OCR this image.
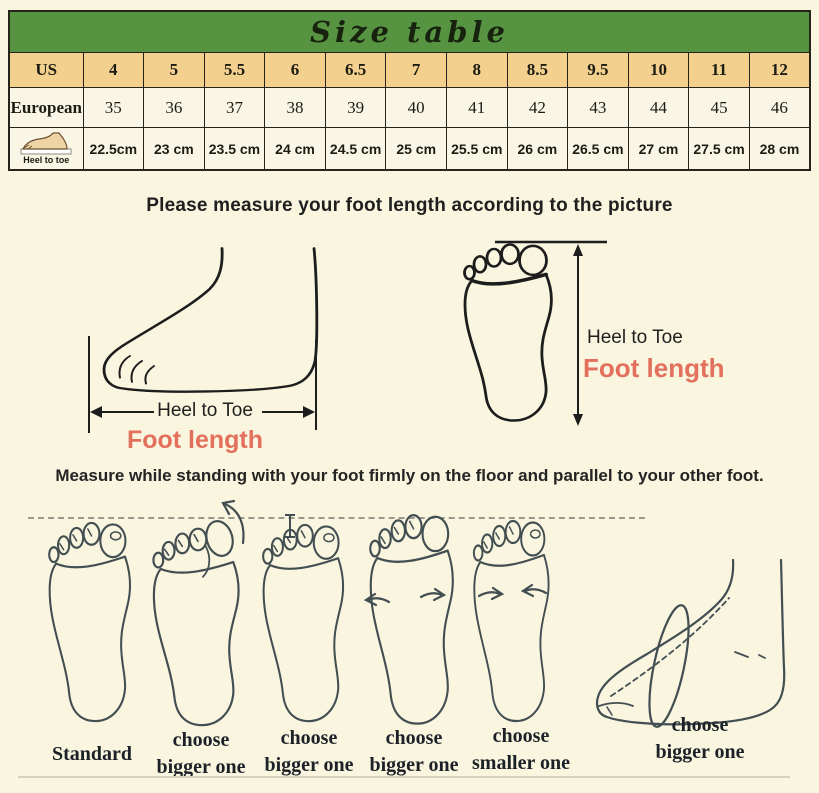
Size table												
US	4	5	5.5	6	6.5	7	8	8.5	9.5	10	11	12
European	35	36	37	38	39	40	41	42	43	44	45	46

Heel to toe	22.5cm	23 cm	23.5 cm	24 cm	24.5 cm	25 cm	25.5 cm	26 cm	26.5 cm	27 cm	27.5 cm	28 cm
Please measure your foot length according to the picture
Heel to Toe
Foot length
Heel to Toe
Foot length
Measure while standing with your foot firmly on the floor and parallel to your other foot.
Standard
choose
bigger one
choose
bigger one
choose
bigger one
choose
smaller one
choose
bigger one
